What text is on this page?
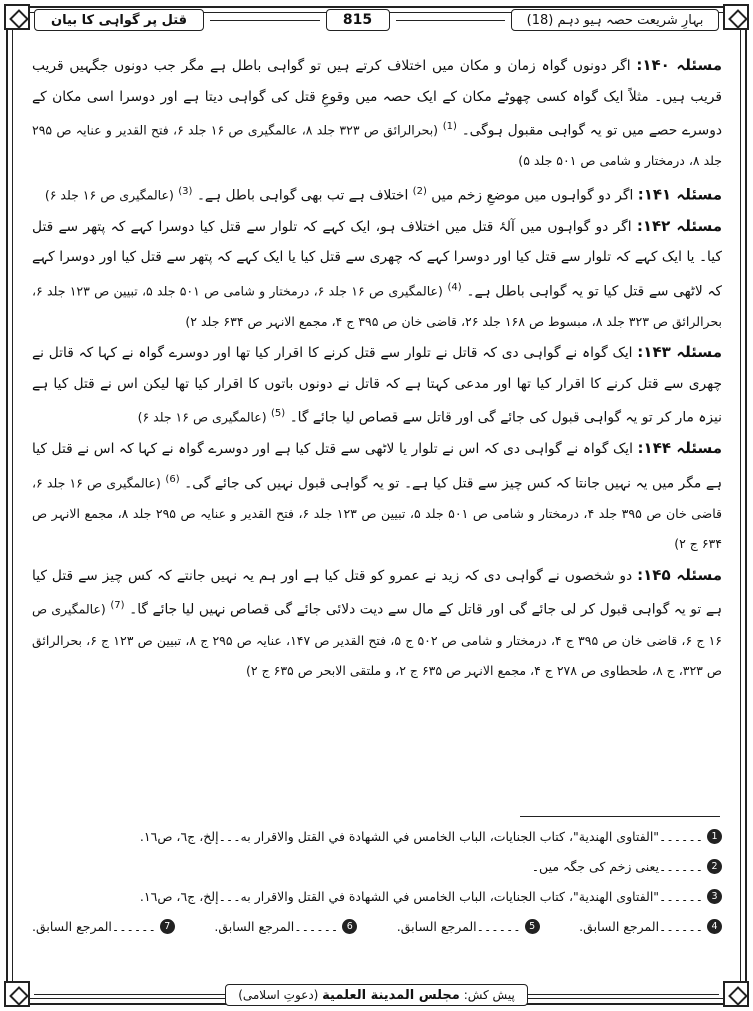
بہارِ شریعت حصہ ہیو دہم (18)
815
قتل پر گواہی کا بیان

مسئلہ ۱۴۰: اگر دونوں گواہ زمان و مکان میں اختلاف کرتے ہیں تو گواہی باطل ہے مگر جب دونوں جگہیں قریب قریب ہیں۔ مثلاً ایک گواہ کسی چھوٹے مکان کے ایک حصہ میں وقوعِ قتل کی گواہی دیتا ہے اور دوسرا اسی مکان کے دوسرے حصے میں تو یہ گواہی مقبول ہوگی۔ $^{(1)}$ (بحرالرائق ص ۳۲۳ جلد ۸، عالمگیری ص ۱۶ جلد ۶، فتح القدیر و عنایہ ص ۲۹۵ جلد ۸، درمختار و شامی ص ۵۰۱ جلد ۵)

مسئلہ ۱۴۱: اگر دو گواہوں میں موضعِ زخم میں $^{(2)}$ اختلاف ہے تب بھی گواہی باطل ہے۔ $^{(3)}$ (عالمگیری ص ۱۶ جلد ۶)

مسئلہ ۱۴۲: اگر دو گواہوں میں آلۂ قتل میں اختلاف ہو، ایک کہے کہ تلوار سے قتل کیا دوسرا کہے کہ پتھر سے قتل کیا۔ یا ایک کہے کہ تلوار سے قتل کیا اور دوسرا کہے کہ چھری سے قتل کیا یا ایک کہے کہ پتھر سے قتل کیا اور دوسرا کہے کہ لاٹھی سے قتل کیا تو یہ گواہی باطل ہے۔ $^{(4)}$ (عالمگیری ص ۱۶ جلد ۶، درمختار و شامی ص ۵۰۱ جلد ۵، تبیین ص ۱۲۳ جلد ۶، بحرالرائق ص ۳۲۳ جلد ۸، مبسوط ص ۱۶۸ جلد ۲۶، قاضی خان ص ۳۹۵ ج ۴، مجمع الانہر ص ۶۳۴ جلد ۲)

مسئلہ ۱۴۳: ایک گواہ نے گواہی دی کہ قاتل نے تلوار سے قتل کرنے کا اقرار کیا تھا اور دوسرے گواہ نے کہا کہ قاتل نے چھری سے قتل کرنے کا اقرار کیا تھا اور مدعی کہتا ہے کہ قاتل نے دونوں باتوں کا اقرار کیا تھا لیکن اس نے قتل کیا ہے نیزہ مار کر تو یہ گواہی قبول کی جائے گی اور قاتل سے قصاص لیا جائے گا۔ $^{(5)}$ (عالمگیری ص ۱۶ جلد ۶)

مسئلہ ۱۴۴: ایک گواہ نے گواہی دی کہ اس نے تلوار یا لاٹھی سے قتل کیا ہے اور دوسرے گواہ نے کہا کہ اس نے قتل کیا ہے مگر میں یہ نہیں جانتا کہ کس چیز سے قتل کیا ہے۔ تو یہ گواہی قبول نہیں کی جائے گی۔ $^{(6)}$ (عالمگیری ص ۱۶ جلد ۶، قاضی خان ص ۳۹۵ جلد ۴، درمختار و شامی ص ۵۰۱ جلد ۵، تبیین ص ۱۲۳ جلد ۶، فتح القدیر و عنایہ ص ۲۹۵ جلد ۸، مجمع الانہر ص ۶۳۴ ج ۲)

مسئلہ ۱۴۵: دو شخصوں نے گواہی دی کہ زید نے عمرو کو قتل کیا ہے اور ہم یہ نہیں جانتے کہ کس چیز سے قتل کیا ہے تو یہ گواہی قبول کر لی جائے گی اور قاتل کے مال سے دیت دلائی جائے گی قصاص نہیں لیا جائے گا۔ $^{(7)}$ (عالمگیری ص ۱۶ ج ۶، قاضی خان ص ۳۹۵ ج ۴، درمختار و شامی ص ۵۰۲ ج ۵، فتح القدیر ص ۱۴۷، عنایہ ص ۲۹۵ ج ۸، تبیین ص ۱۲۳ ج ۶، بحرالرائق ص ۳۲۳، ج ۸، طحطاوی ص ۲۷۸ ج ۴، مجمع الانہر ص ۶۳۵ ج ۲، و ملتقی الابحر ص ۶۳۵ ج ۲)

1
۔۔۔۔۔۔"الفتاوى الهندية"، كتاب الجنايات، الباب الخامس في الشهادة في القتل والاقرار به۔۔۔إلخ، ج٦، ص١٦.
2
۔۔۔۔۔۔یعنی زخم کی جگہ میں۔
3
۔۔۔۔۔۔"الفتاوى الهندية"، كتاب الجنايات، الباب الخامس في الشهادة في القتل والاقرار به۔۔۔إلخ، ج٦، ص١٦.
4
۔۔۔۔۔۔المرجع السابق.
5
۔۔۔۔۔۔المرجع السابق.
6
۔۔۔۔۔۔المرجع السابق.
7
۔۔۔۔۔۔المرجع السابق.
پیش کش:

مجلس المدينة العلمية

(دعوتِ اسلامی)
